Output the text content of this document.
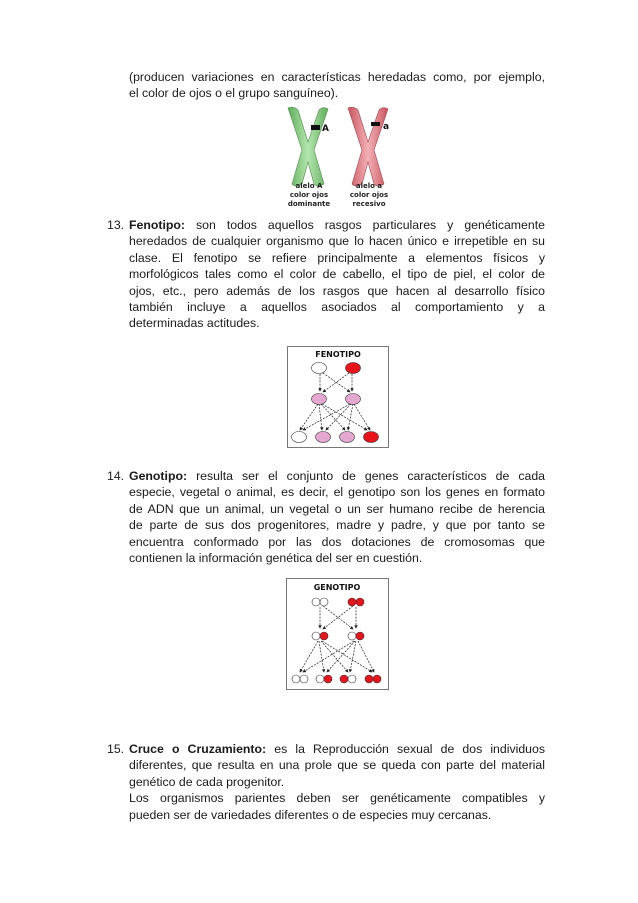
(producen variaciones en características heredadas como, por ejemplo,
el color de ojos o el grupo sanguíneo).
A	a
alelo A
color ojos
dominante
alelo a
color ojos
recesivo
13. Fenotipo: son todos aquellos rasgos particulares y genéticamente
heredados de cualquier organismo que lo hacen único e irrepetible en su
clase. El fenotipo se refiere principalmente a elementos físicos y
morfológicos tales como el color de cabello, el tipo de piel, el color de
ojos, etc., pero además de los rasgos que hacen al desarrollo físico
también incluye a aquellos asociados al comportamiento y a
determinadas actitudes.
FENOTIPO
14. Genotipo: resulta ser el conjunto de genes característicos de cada
especie, vegetal o animal, es decir, el genotipo son los genes en formato
de ADN que un animal, un vegetal o un ser humano recibe de herencia
de parte de sus dos progenitores, madre y padre, y que por tanto se
encuentra conformado por las dos dotaciones de cromosomas que
contienen la información genética del ser en cuestión.
GENOTIPO
15. Cruce o Cruzamiento: es la Reproducción sexual de dos individuos
diferentes, que resulta en una prole que se queda con parte del material
genético de cada progenitor.
Los organismos parientes deben ser genéticamente compatibles y
pueden ser de variedades diferentes o de especies muy cercanas.
